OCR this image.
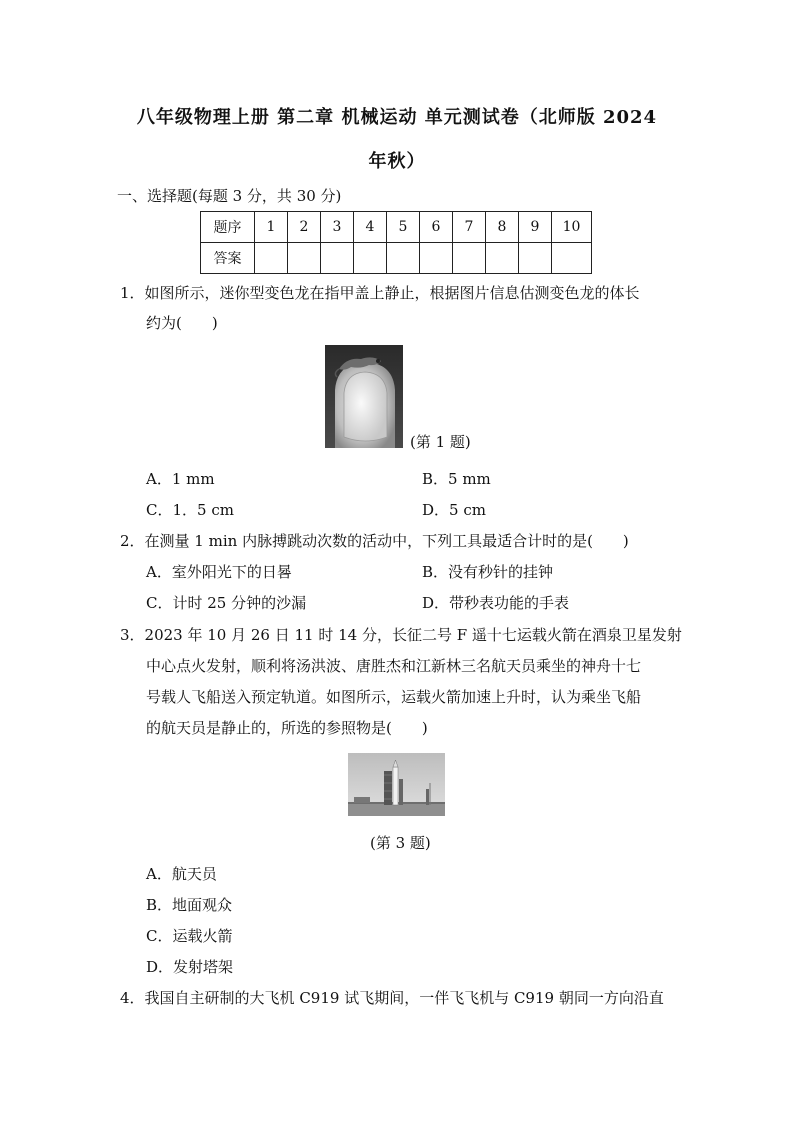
八年级物理上册 第二章 机械运动 单元测试卷（北师版 2024
年秋）
一、选择题(每题 3 分，共 30 分)
题序	1	2	3	4	5	6	7	8	9	10
答案										
1．如图所示，迷你型变色龙在指甲盖上静止，根据图片信息估测变色龙的体长
约为(　　)
(第 1 题)
A．1 mm	B．5 mm
C．1．5 cm	D．5 cm
2．在测量 1 min 内脉搏跳动次数的活动中，下列工具最适合计时的是(　　)
A．室外阳光下的日晷	B．没有秒针的挂钟
C．计时 25 分钟的沙漏	D．带秒表功能的手表
3．2023 年 10 月 26 日 11 时 14 分，长征二号 F 遥十七运载火箭在酒泉卫星发射
中心点火发射，顺利将汤洪波、唐胜杰和江新林三名航天员乘坐的神舟十七
号载人飞船送入预定轨道。如图所示，运载火箭加速上升时，认为乘坐飞船
的航天员是静止的，所选的参照物是(　　)
(第 3 题)
A．航天员
B．地面观众
C．运载火箭
D．发射塔架
4．我国自主研制的大飞机 C919 试飞期间，一伴飞飞机与 C919 朝同一方向沿直
